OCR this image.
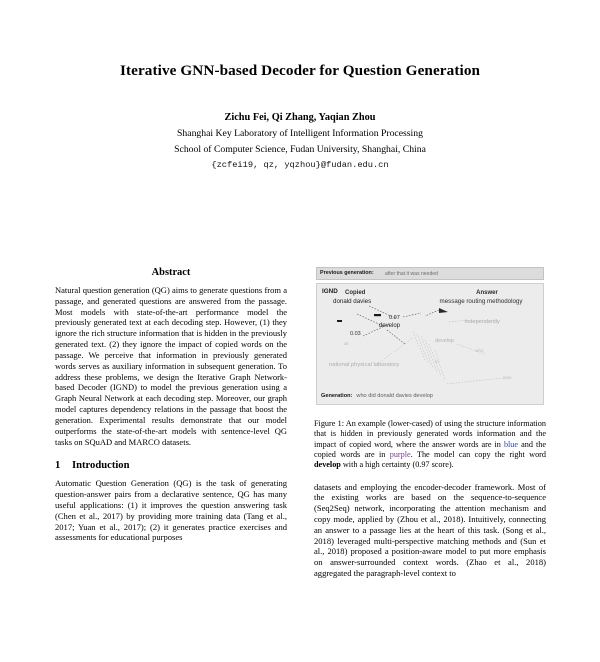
Iterative GNN-based Decoder for Question Generation
Zichu Fei, Qi Zhang, Yaqian Zhou
Shanghai Key Laboratory of Intelligent Information Processing
School of Computer Science, Fudan University, Shanghai, China
{zcfei19, qz, yqzhou}@fudan.edu.cn
Abstract

Natural question generation (QG) aims to generate questions from a passage, and generated questions are answered from the passage. Most models with state-of-the-art performance model the previously generated text at each decoding step. However, (1) they ignore the rich structure information that is hidden in the previously generated text. (2) they ignore the impact of copied words on the passage. We perceive that information in previously generated words serves as auxiliary information in subsequent generation. To address these problems, we design the Iterative Graph Network-based Decoder (IGND) to model the previous generation using a Graph Neural Network at each decoding step. Moreover, our graph model captures dependency relations in the passage that boost the generation. Experimental results demonstrate that our model outperforms the state-of-the-art models with sentence-level QG tasks on SQuAD and MARCO datasets.

1 Introduction

Automatic Question Generation (QG) is the task of generating question-answer pairs from a declarative sentence, QG has many useful applications: (1) it improves the question answering task (Chen et al., 2017) by providing more training data (Tang et al., 2017; Yuan et al., 2017); (2) it generates practice exercises and assessments for educational purposes

Previous generation: after that it was needed
IGND Copied
donald davies
Answer
message routing methodology
0.97
develop
0.03
independently
develop
national physical laboratory
who
in
was
at
Generation: who did donald davies develop
Figure 1: An example (lower-cased) of using the structure information that is hidden in previously generated words information and the impact of copied word, where the answer words are in blue and the copied words are in purple. The model can copy the right word develop with a high certainty (0.97 score).

datasets and employing the encoder-decoder framework. Most of the existing works are based on the sequence-to-sequence (Seq2Seq) network, incorporating the attention mechanism and copy mode, applied by (Zhou et al., 2018). Intuitively, connecting an answer to a passage lies at the heart of this task. (Song et al., 2018) leveraged multi-perspective matching methods and (Sun et al., 2018) proposed a position-aware model to put more emphasis on answer-surrounded context words. (Zhao et al., 2018) aggregated the paragraph-level context to
